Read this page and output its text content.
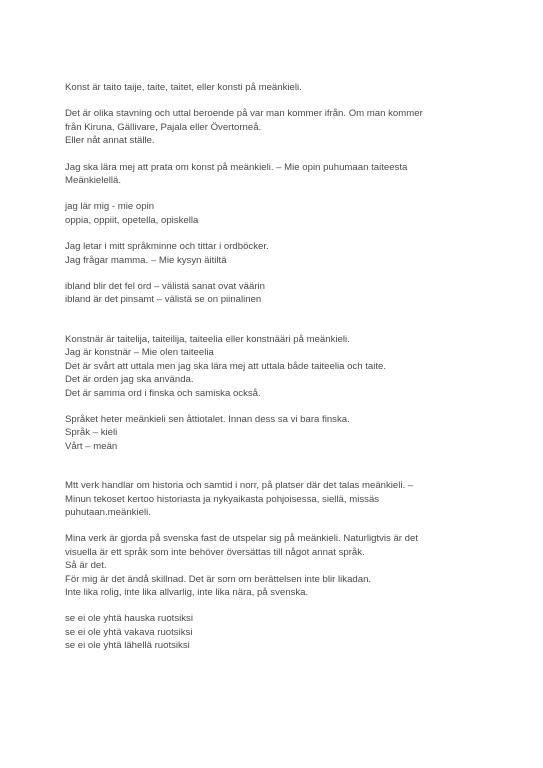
Konst är taito taije, taite, taitet, eller konsti på meänkieli.
Det är olika stavning och uttal beroende på var man kommer ifrån. Om man kommer
från Kiruna, Gällivare, Pajala eller Övertorneå.
Eller nåt annat ställe.
Jag ska lära mej att prata om konst på meänkieli. – Mie opin puhumaan taiteesta
Meänkielellä.
jag lär mig - mie opin
oppia, oppiit, opetella, opiskella
Jag letar i mitt språkminne och tittar i ordböcker.
Jag frågar mamma. – Mie kysyn äitiltä
ibland blir det fel ord – välistä sanat ovat väärin
ibland är det pinsamt – välistä se on piinalinen
Konstnär är taitelija, taiteilija, taiteelia eller konstnääri på meänkieli.
Jag är konstnär – Mie olen taiteelia
Det är svårt att uttala men jag ska lära mej att uttala både taiteelia och taite.
Det är orden jag ska använda.
Det är samma ord i finska och samiska också.
Språket heter meänkieli sen åttiotalet. Innan dess sa vi bara finska.
Språk – kieli
Vårt – meän
Mtt verk handlar om historia och samtid i norr, på platser där det talas meänkieli. –
Minun tekoset kertoo historiasta ja nykyaikasta pohjoisessa, siellä, missäs
puhutaan.meänkieli.
Mina verk är gjorda på svenska fast de utspelar sig på meänkieli. Naturligtvis är det
visuella är ett språk som inte behöver översättas till något annat språk.
Så är det.
För mig är det ändå skillnad. Det är som om berättelsen inte blir likadan.
Inte lika rolig, inte lika allvarlig, inte lika nära, på svenska.
se ei ole yhtä hauska ruotsiksi
se ei ole yhtä vakava ruotsiksi
se ei ole yhtä lähellä ruotsiksi
